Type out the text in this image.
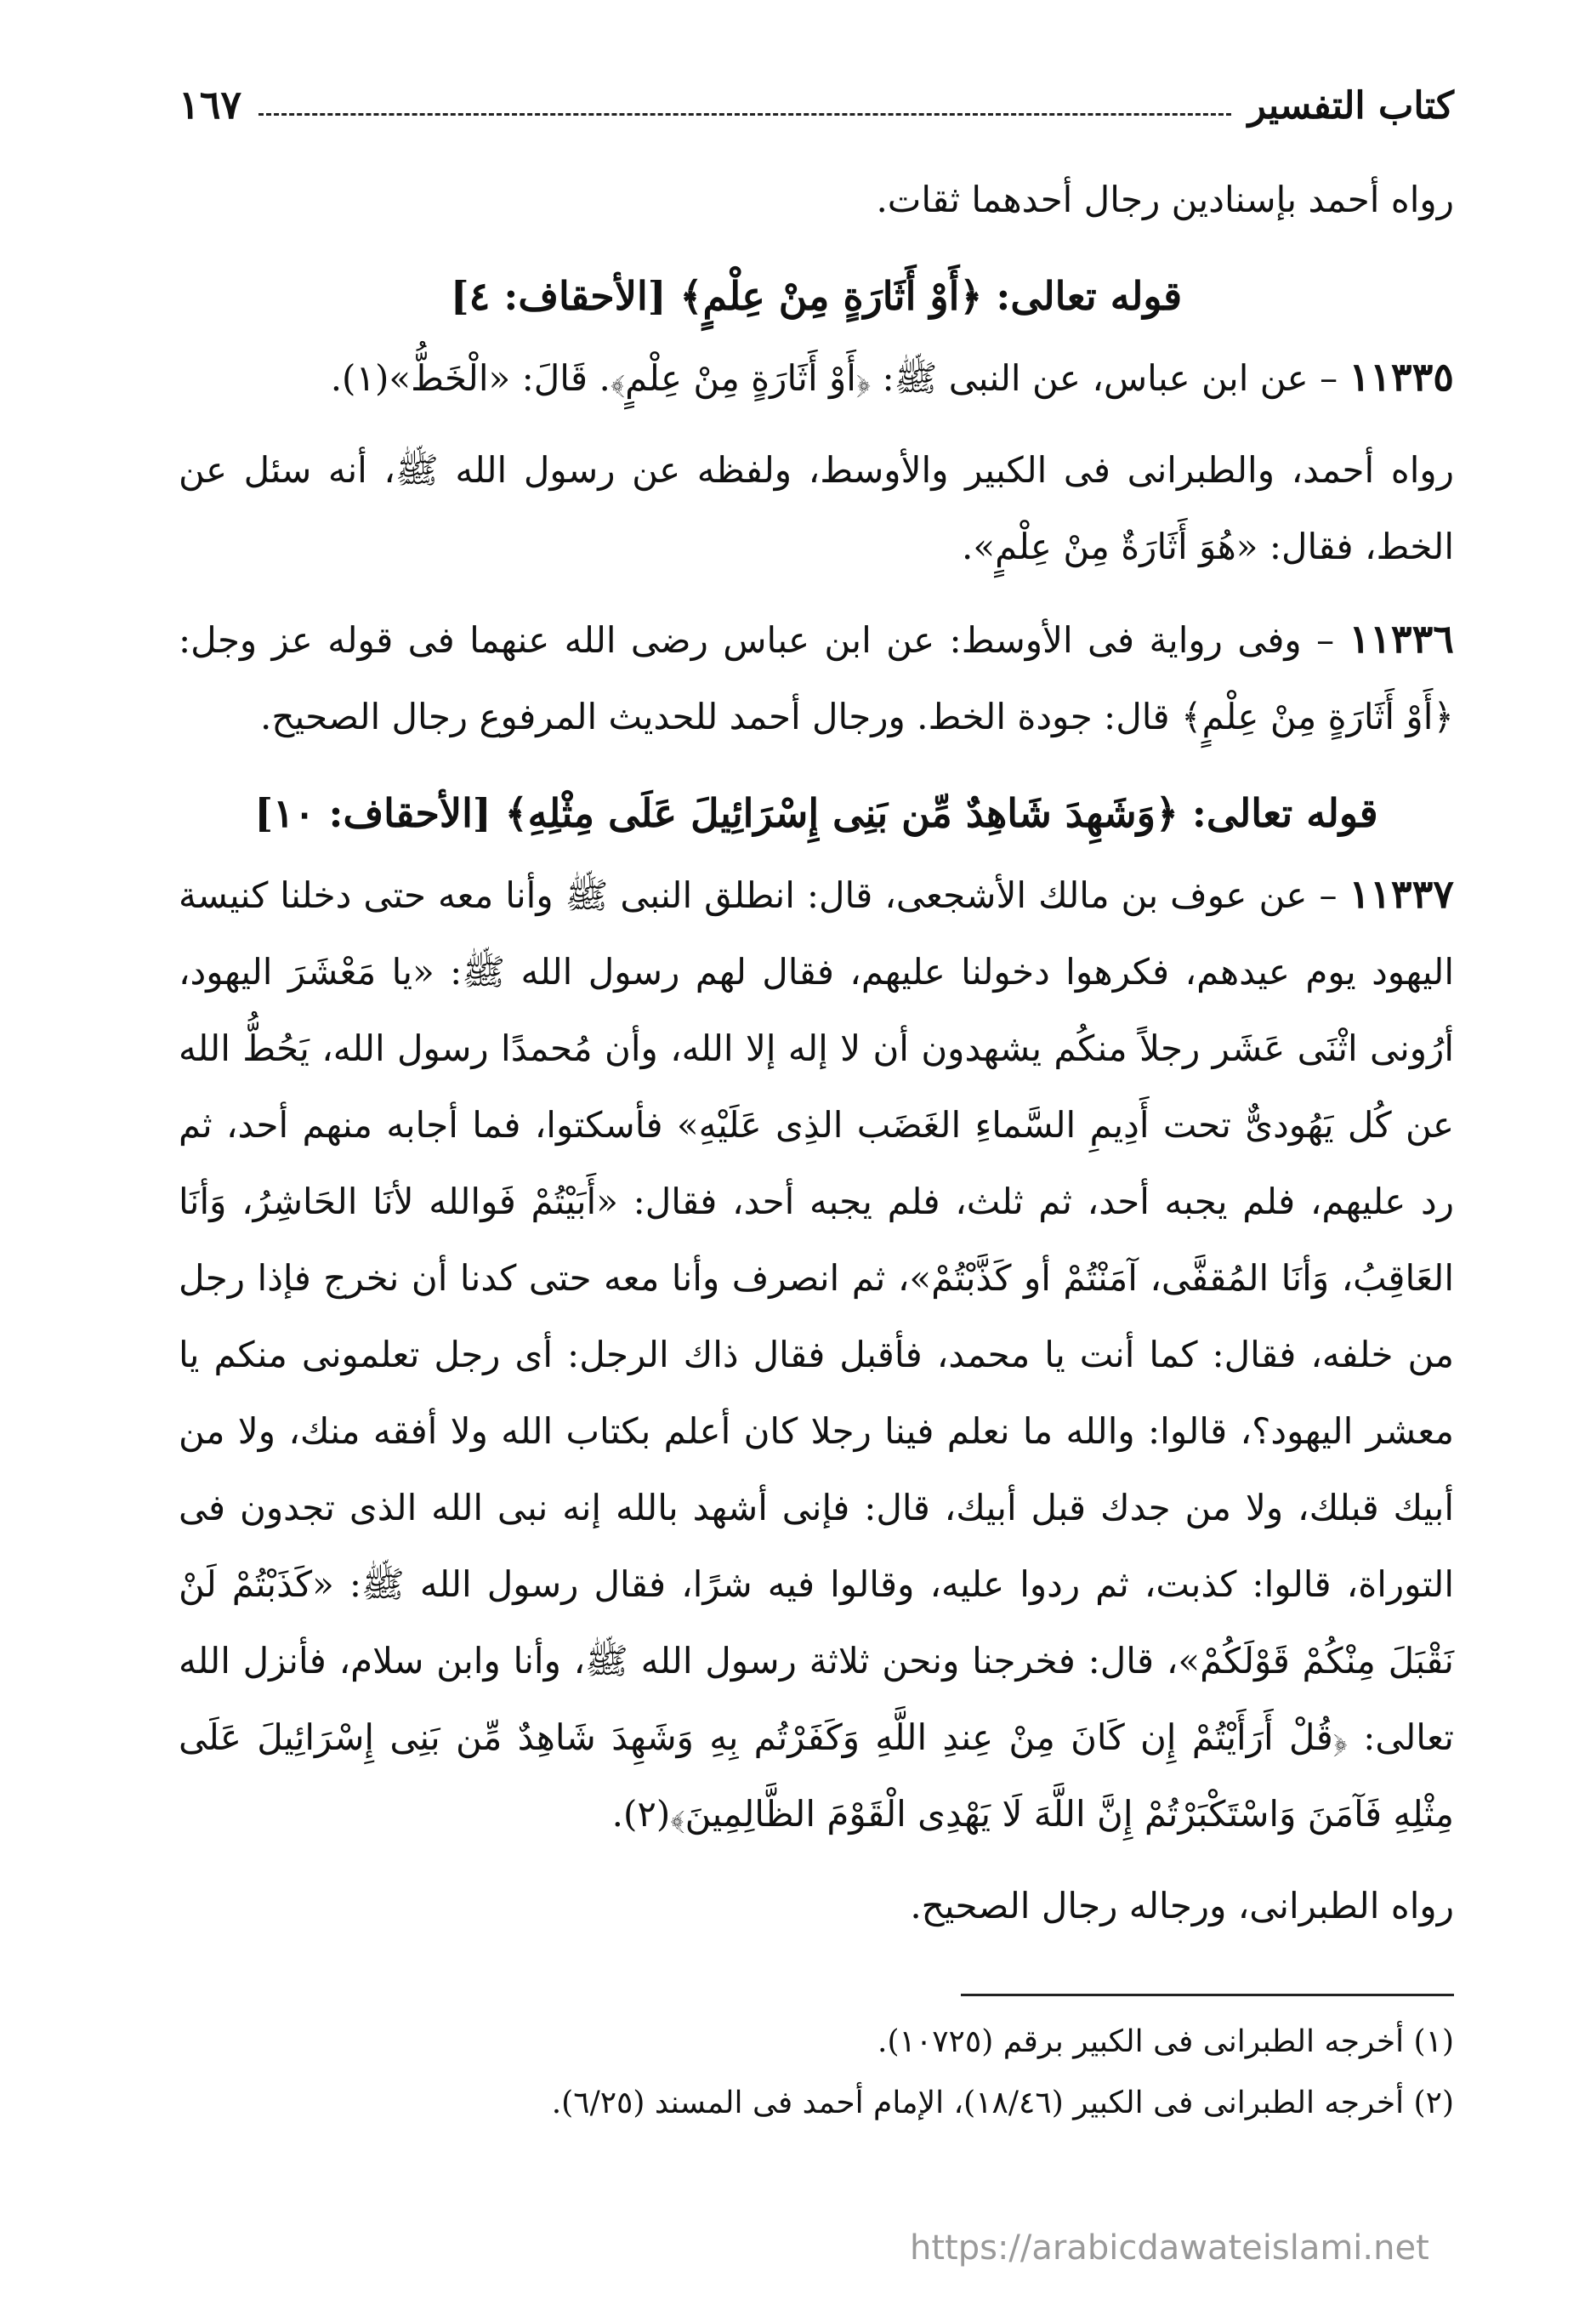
كتاب التفسير
١٦٧

رواه أحمد بإسنادين رجال أحدهما ثقات.

قوله تعالى: ﴿أَوْ أَثَارَةٍ مِنْ عِلْمٍ﴾ [الأحقاف: ٤]

١١٣٣٥ – عن ابن عباس، عن النبى ﷺ: ﴿أَوْ أَثَارَةٍ مِنْ عِلْمٍ﴾. قَالَ: «الْخَطُّ»(١).

رواه أحمد، والطبرانى فى الكبير والأوسط، ولفظه عن رسول الله ﷺ، أنه سئل عن الخط، فقال: «هُوَ أَثَارَةٌ مِنْ عِلْمٍ».

١١٣٣٦ – وفى رواية فى الأوسط: عن ابن عباس رضى الله عنهما فى قوله عز وجل: ﴿أَوْ أَثَارَةٍ مِنْ عِلْمٍ﴾ قال: جودة الخط. ورجال أحمد للحديث المرفوع رجال الصحيح.

قوله تعالى: ﴿وَشَهِدَ شَاهِدٌ مِّن بَنِى إِسْرَائِيلَ عَلَى مِثْلِهِ﴾ [الأحقاف: ١٠]

١١٣٣٧ – عن عوف بن مالك الأشجعى، قال: انطلق النبى ﷺ وأنا معه حتى دخلنا كنيسة اليهود يوم عيدهم، فكرهوا دخولنا عليهم، فقال لهم رسول الله ﷺ: «يا مَعْشَرَ اليهود، أرُونى اثْنَى عَشَر رجلاً منكُم يشهدون أن لا إله إلا الله، وأن مُحمدًا رسول الله، يَحُطُّ الله عن كُل يَهُودىٌّ تحت أَدِيمِ السَّماءِ الغَضَب الذِى عَلَيْهِ» فأسكتوا، فما أجابه منهم أحد، ثم رد عليهم، فلم يجبه أحد، ثم ثلث، فلم يجبه أحد، فقال: «أَبَيْتُمْ فَوالله لأنَا الحَاشِرُ، وَأنَا العَاقِبُ، وَأنَا المُقفَّى، آمَنْتُمْ أو كَذَّبْتُمْ»، ثم انصرف وأنا معه حتى كدنا أن نخرج فإذا رجل من خلفه، فقال: كما أنت يا محمد، فأقبل فقال ذاك الرجل: أى رجل تعلمونى منكم يا معشر اليهود؟، قالوا: والله ما نعلم فينا رجلا كان أعلم بكتاب الله ولا أفقه منك، ولا من أبيك قبلك، ولا من جدك قبل أبيك، قال: فإنى أشهد بالله إنه نبى الله الذى تجدون فى التوراة، قالوا: كذبت، ثم ردوا عليه، وقالوا فيه شرًا، فقال رسول الله ﷺ: «كَذَبْتُمْ لَنْ نَقْبَلَ مِنْكُمْ قَوْلَكُمْ»، قال: فخرجنا ونحن ثلاثة رسول الله ﷺ، وأنا وابن سلام، فأنزل الله تعالى: ﴿قُلْ أَرَأَيْتُمْ إِن كَانَ مِنْ عِندِ اللَّهِ وَكَفَرْتُم بِهِ وَشَهِدَ شَاهِدٌ مِّن بَنِى إِسْرَائِيلَ عَلَى مِثْلِهِ فَآمَنَ وَاسْتَكْبَرْتُمْ إِنَّ اللَّهَ لَا يَهْدِى الْقَوْمَ الظَّالِمِينَ﴾(٢).

رواه الطبرانى، ورجاله رجال الصحيح.

(١) أخرجه الطبرانى فى الكبير برقم (١٠٧٢٥).

(٢) أخرجه الطبرانى فى الكبير (١٨/٤٦)، الإمام أحمد فى المسند (٦/٢٥).

https://arabicdawateislami.net
